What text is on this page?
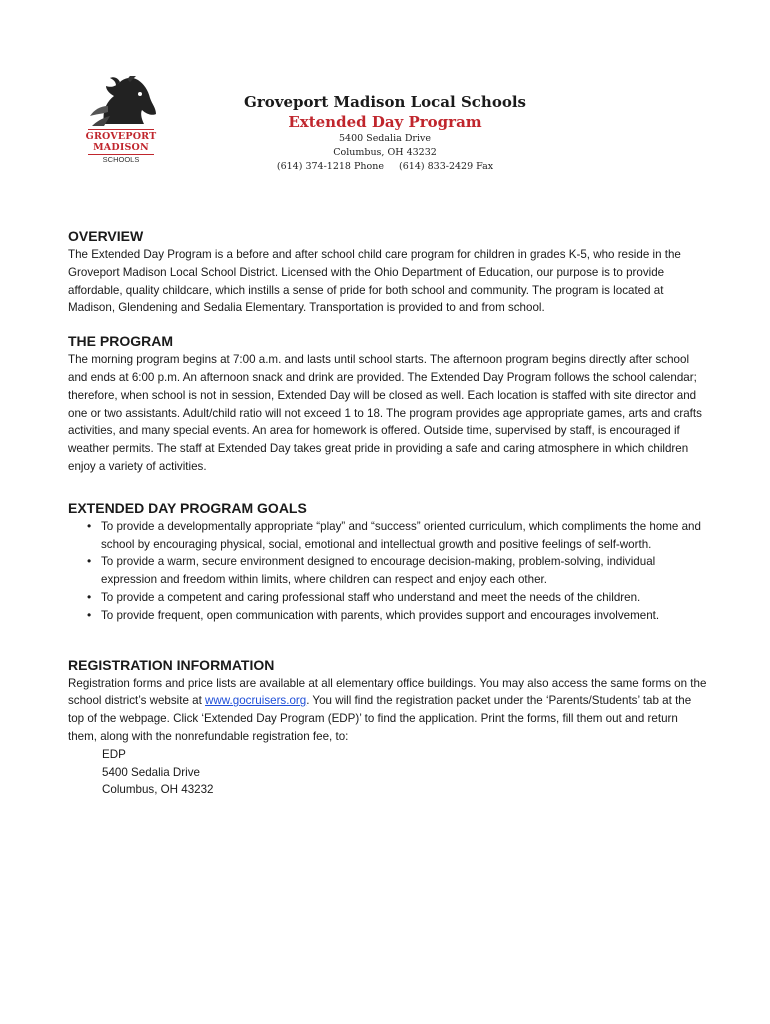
GROVEPORT
MADISON
SCHOOLS
Groveport Madison Local Schools
Extended Day Program
5400 Sedalia Drive
Columbus, OH 43232
(614) 374-1218 Phone     (614) 833-2429 Fax
OVERVIEW

The Extended Day Program is a before and after school child care program for children in grades K-5, who reside in the Groveport Madison Local School District. Licensed with the Ohio Department of Education, our purpose is to provide affordable, quality childcare, which instills a sense of pride for both school and community. The program is located at Madison, Glendening and Sedalia Elementary. Transportation is provided to and from school.

THE PROGRAM

The morning program begins at 7:00 a.m. and lasts until school starts. The afternoon program begins directly after school and ends at 6:00 p.m. An afternoon snack and drink are provided. The Extended Day Program follows the school calendar; therefore, when school is not in session, Extended Day will be closed as well. Each location is staffed with site director and one or two assistants. Adult/child ratio will not exceed 1 to 18. The program provides age appropriate games, arts and crafts activities, and many special events. An area for homework is offered. Outside time, supervised by staff, is encouraged if weather permits. The staff at Extended Day takes great pride in providing a safe and caring atmosphere in which children enjoy a variety of activities.

EXTENDED DAY PROGRAM GOALS
• To provide a developmentally appropriate “play” and “success” oriented curriculum, which compliments the home and school by encouraging physical, social, emotional and intellectual growth and positive feelings of self-worth.
• To provide a warm, secure environment designed to encourage decision-making, problem-solving, individual expression and freedom within limits, where children can respect and enjoy each other.
• To provide a competent and caring professional staff who understand and meet the needs of the children.
• To provide frequent, open communication with parents, which provides support and encourages involvement.
REGISTRATION INFORMATION

Registration forms and price lists are available at all elementary office buildings. You may also access the same forms on the school district’s website at www.gocruisers.org. You will find the registration packet under the ‘Parents/Students’ tab at the top of the webpage. Click ‘Extended Day Program (EDP)’ to find the application. Print the forms, fill them out and return them, along with the nonrefundable registration fee, to:

EDP
5400 Sedalia Drive
Columbus, OH 43232
